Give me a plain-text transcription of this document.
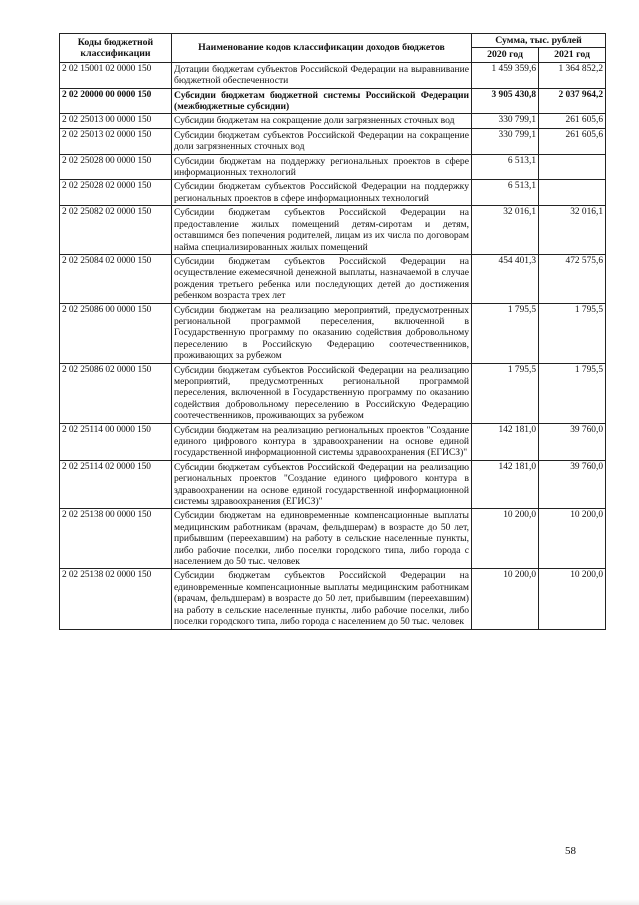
Коды бюджетной классификации	Наименование кодов классификации доходов бюджетов	Сумма, тыс. рублей	
		2020 год	2021 год
2 02 15001 02 0000 150	Дотации бюджетам субъектов Российской Федерации на выравнивание бюджетной обеспеченности	1 459 359,6	1 364 852,2
2 02 20000 00 0000 150	Субсидии бюджетам бюджетной системы Российской Федерации (межбюджетные субсидии)	3 905 430,8	2 037 964,2
2 02 25013 00 0000 150	Субсидии бюджетам на сокращение доли загрязненных сточных вод	330 799,1	261 605,6
2 02 25013 02 0000 150	Субсидии бюджетам субъектов Российской Федерации на сокращение доли загрязненных сточных вод	330 799,1	261 605,6
2 02 25028 00 0000 150	Субсидии бюджетам на поддержку региональных проектов в сфере информационных технологий	6 513,1	
2 02 25028 02 0000 150	Субсидии бюджетам субъектов Российской Федерации на поддержку региональных проектов в сфере информационных технологий	6 513,1	
2 02 25082 02 0000 150	Субсидии бюджетам субъектов Российской Федерации на предоставление жилых помещений детям-сиротам и детям, оставшимся без попечения родителей, лицам из их числа по договорам найма специализированных жилых помещений	32 016,1	32 016,1
2 02 25084 02 0000 150	Субсидии бюджетам субъектов Российской Федерации на осуществление ежемесячной денежной выплаты, назначаемой в случае рождения третьего ребенка или последующих детей до достижения ребенком возраста трех лет	454 401,3	472 575,6
2 02 25086 00 0000 150	Субсидии бюджетам на реализацию мероприятий, предусмотренных региональной программой переселения, включенной в Государственную программу по оказанию содействия добровольному переселению в Российскую Федерацию соотечественников, проживающих за рубежом	1 795,5	1 795,5
2 02 25086 02 0000 150	Субсидии бюджетам субъектов Российской Федерации на реализацию мероприятий, предусмотренных региональной программой переселения, включенной в Государственную программу по оказанию содействия добровольному переселению в Российскую Федерацию соотечественников, проживающих за рубежом	1 795,5	1 795,5
2 02 25114 00 0000 150	Субсидии бюджетам на реализацию региональных проектов "Создание единого цифрового контура в здравоохранении на основе единой государственной информационной системы здравоохранения (ЕГИСЗ)"	142 181,0	39 760,0
2 02 25114 02 0000 150	Субсидии бюджетам субъектов Российской Федерации на реализацию региональных проектов "Создание единого цифрового контура в здравоохранении на основе единой государственной информационной системы здравоохранения (ЕГИСЗ)"	142 181,0	39 760,0
2 02 25138 00 0000 150	Субсидии бюджетам на единовременные компенсационные выплаты медицинским работникам (врачам, фельдшерам) в возрасте до 50 лет, прибывшим (переехавшим) на работу в сельские населенные пункты, либо рабочие поселки, либо поселки городского типа, либо города с населением до 50 тыс. человек	10 200,0	10 200,0
2 02 25138 02 0000 150	Субсидии бюджетам субъектов Российской Федерации на единовременные компенсационные выплаты медицинским работникам (врачам, фельдшерам) в возрасте до 50 лет, прибывшим (переехавшим) на работу в сельские населенные пункты, либо рабочие поселки, либо поселки городского типа, либо города с населением до 50 тыс. человек	10 200,0	10 200,0
58
